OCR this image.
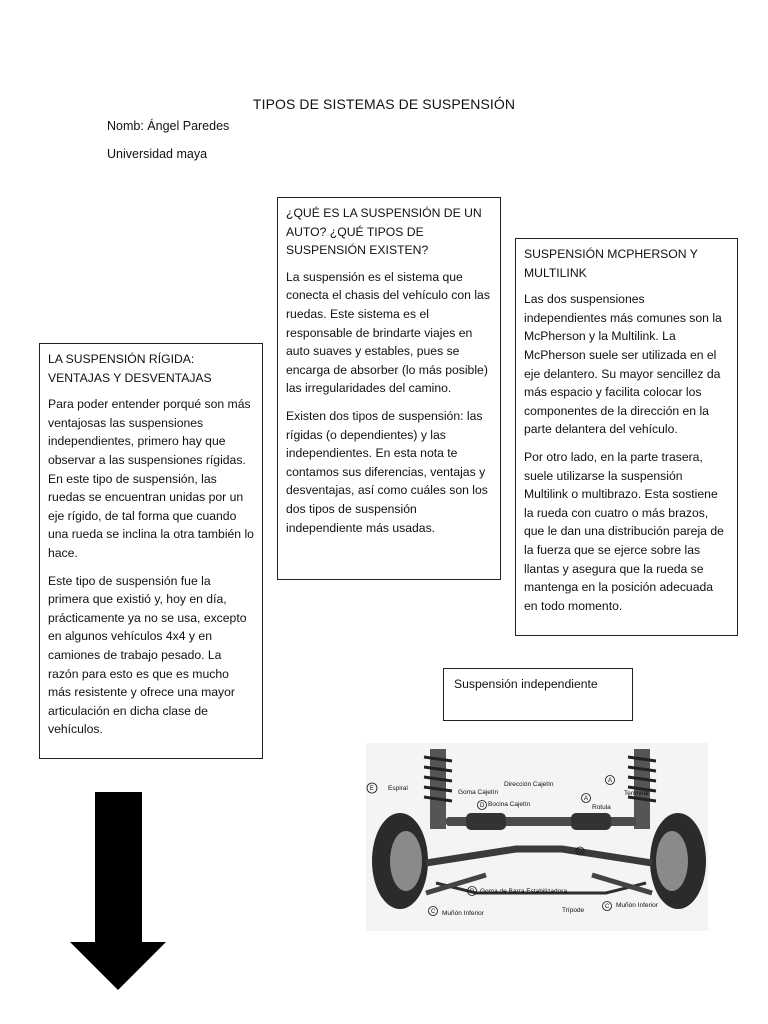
TIPOS DE SISTEMAS DE SUSPENSIÓN
Nomb: Ángel Paredes
Universidad maya

¿QUÉ ES LA SUSPENSIÓN DE UN AUTO? ¿QUÉ TIPOS DE SUSPENSIÓN EXISTEN?

La suspensión es el sistema que conecta el chasis del vehículo con las ruedas. Este sistema es el responsable de brindarte viajes en auto suaves y estables, pues se encarga de absorber (lo más posible) las irregularidades del camino.

Existen dos tipos de suspensión: las rígidas (o dependientes) y las independientes. En esta nota te contamos sus diferencias, ventajas y desventajas, así como cuáles son los dos tipos de suspensión independiente más usadas.

SUSPENSIÓN MCPHERSON Y MULTILINK

Las dos suspensiones independientes más comunes son la McPherson y la Multilink. La McPherson suele ser utilizada en el eje delantero. Su mayor sencillez da más espacio y facilita colocar los componentes de la dirección en la parte delantera del vehículo.

Por otro lado, en la parte trasera, suele utilizarse la suspensión Multilink o multibrazo. Esta sostiene la rueda con cuatro o más brazos, que le dan una distribución pareja de la fuerza que se ejerce sobre las llantas y asegura que la rueda se mantenga en la posición adecuada en todo momento.

LA SUSPENSIÓN RÍGIDA: VENTAJAS Y DESVENTAJAS

Para poder entender porqué son más ventajosas las suspensiones independientes, primero hay que observar a las suspensiones rígidas. En este tipo de suspensión, las ruedas se encuentran unidas por un eje rígido, de tal forma que cuando una rueda se inclina la otra también lo hace.

Este tipo de suspensión fue la primera que existió y, hoy en día, prácticamente ya no se usa, excepto en algunos vehículos 4x4 y en camiones de trabajo pesado. La razón para esto es que es mucho más resistente y ofrece una mayor articulación en dicha clase de vehículos.

Suspensión independiente

E Espiral
Goma Cajetín
D Bocina Cajetín
Dirección Cajetín
A
Rotula
A
Terminal
D Goma de Barra Estabilizadora
Trípode	C Muñón Inferior
C Muñón Inferior
D
